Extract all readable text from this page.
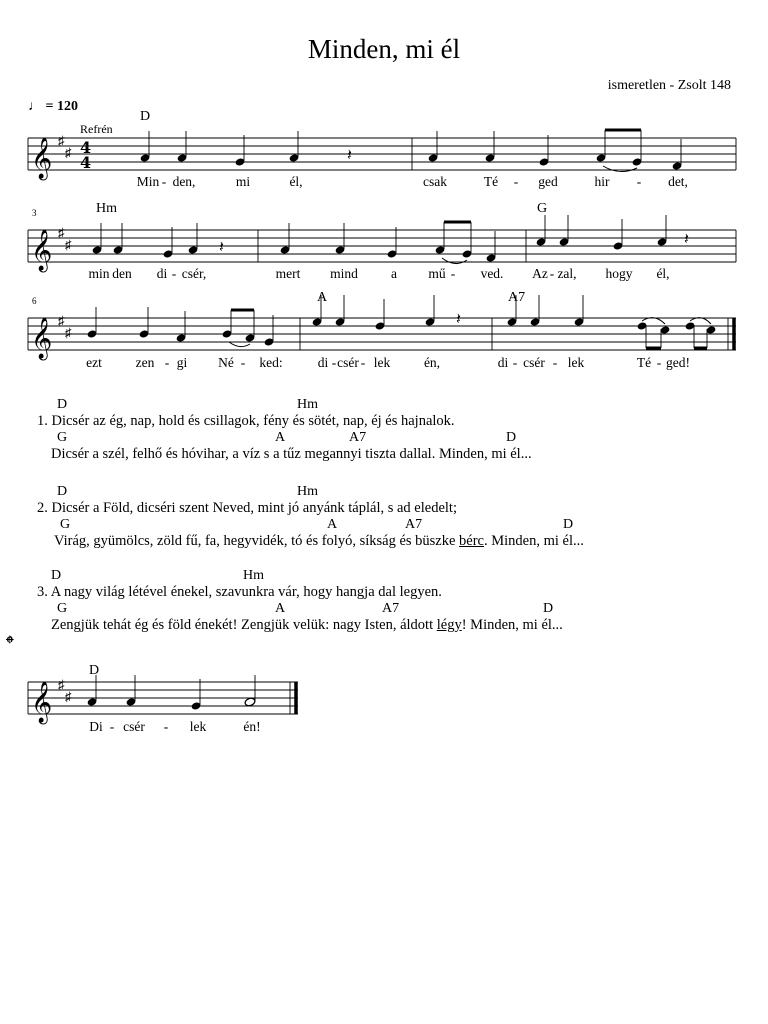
Minden, mi él
ismeretlen - Zsolt 148
♩ = 120
Refrén
𝄞 ♯
♯ 4
4	𝄽
𝄞 ♯
♯	𝄽	𝄽
𝄞 ♯
♯
𝄽
𝄌
𝄞 ♯
♯
3
6
D
Hm	G
A	A7
D
Min - den,	mi	él,	csak	Té - ged	hir - det,
min den di - csér,	mert mind a mű - ved. Az - zal, hogy él,
ezt	zen - gi Né - ked:	di - csér - lek én,	di - csér - lek	Té - ged!
D	Hm
1. Dicsér az ég, nap, hold és csillagok, fény és sötét, nap, éj és hajnalok.
G	A	A7	D
Dicsér a szél, felhő és hóvihar, a víz s a tűz megannyi tiszta dallal. Minden, mi él...
D	Hm
2. Dicsér a Föld, dicséri szent Neved, mint jó anyánk táplál, s ad eledelt;
G	A	A7	D
Virág, gyümölcs, zöld fű, fa, hegyvidék, tó és folyó, síkság és büszke bérc. Minden, mi él...
D	Hm
3. A nagy világ létével énekel, szavunkra vár, hogy hangja dal legyen.
G	A	A7	D
Zengjük tehát ég és föld énekét! Zengjük velük: nagy Isten, áldott légy! Minden, mi él...
Di - csér - lek	én!
